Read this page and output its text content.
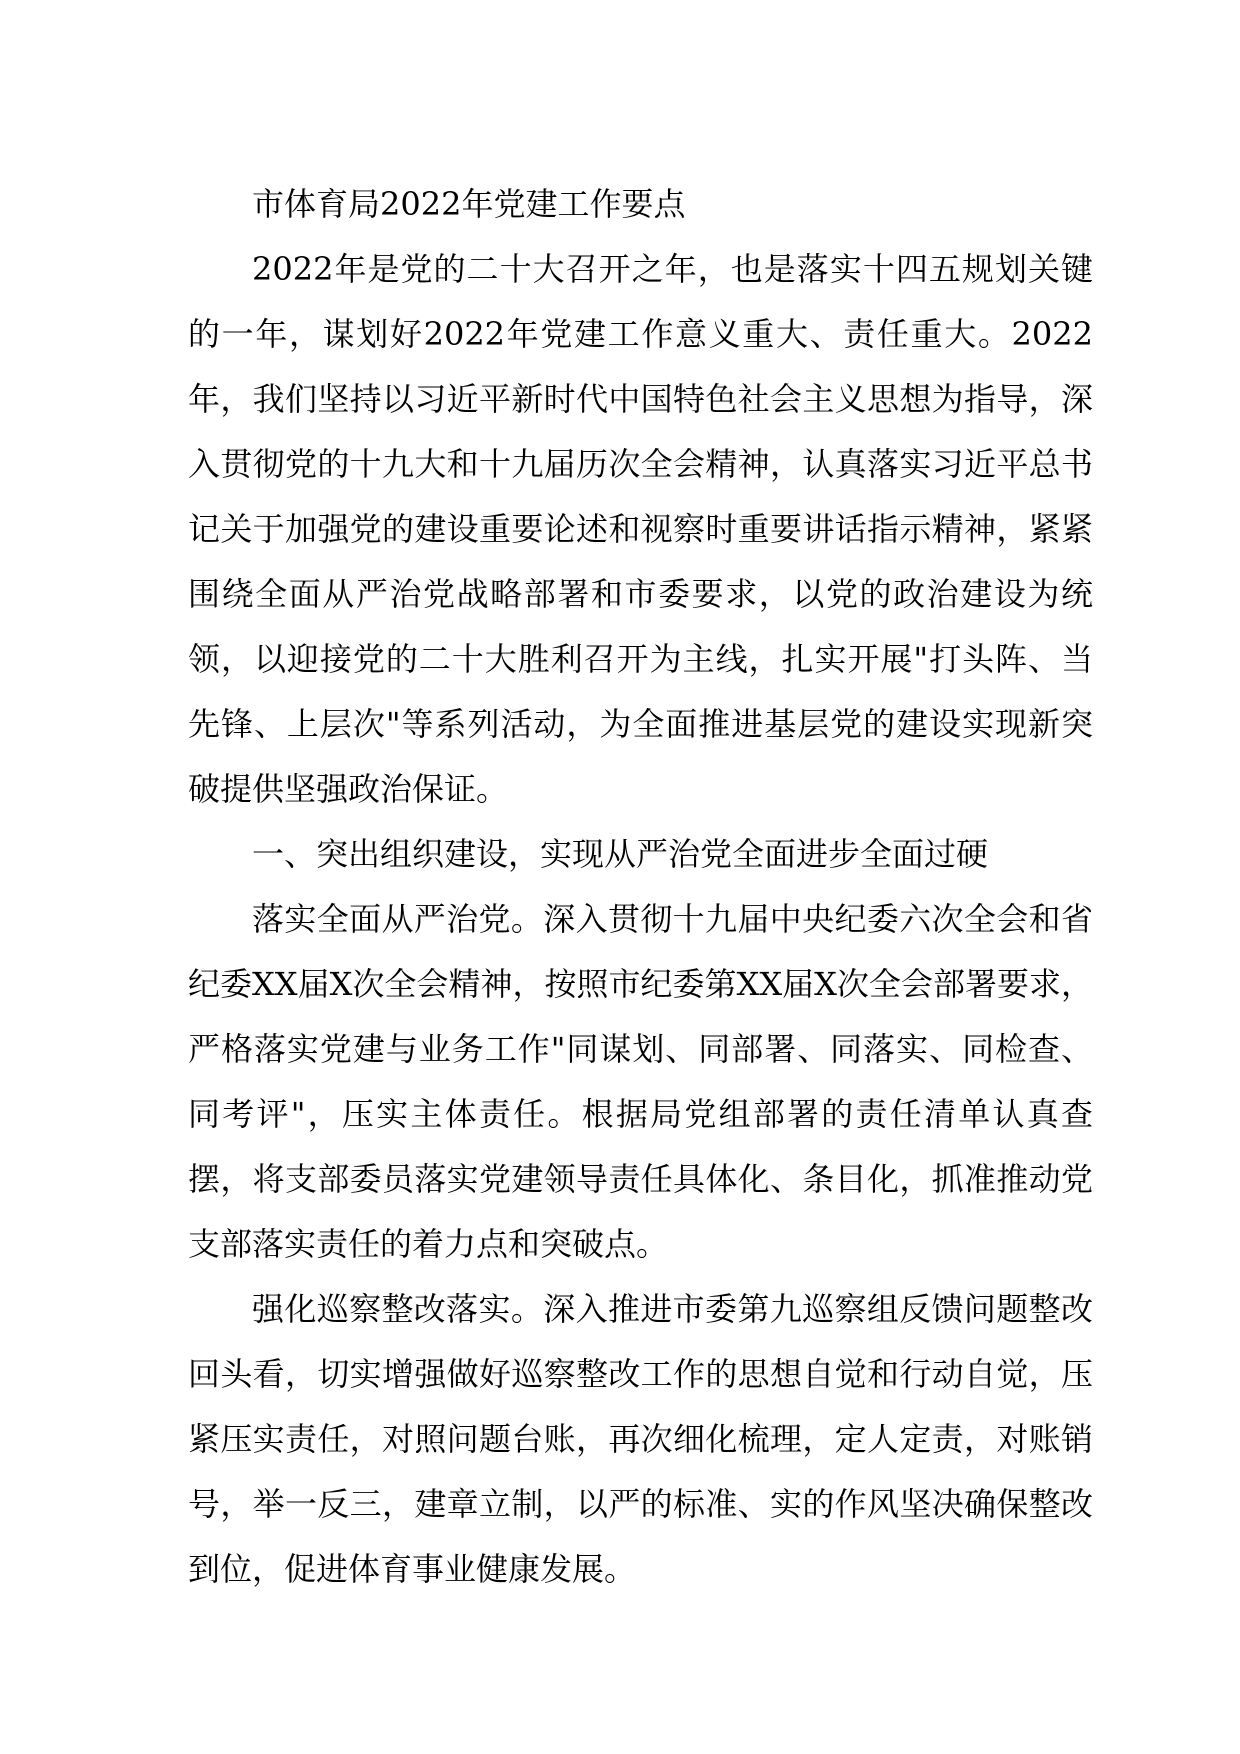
市体育局2022年党建工作要点

2022年是党的二十大召开之年，也是落实十四五规划关键的一年，谋划好2022年党建工作意义重大、责任重大。2022年，我们坚持以习近平新时代中国特色社会主义思想为指导，深入贯彻党的十九大和十九届历次全会精神，认真落实习近平总书记关于加强党的建设重要论述和视察时重要讲话指示精神，紧紧围绕全面从严治党战略部署和市委要求，以党的政治建设为统领，以迎接党的二十大胜利召开为主线，扎实开展"打头阵、当先锋、上层次"等系列活动，为全面推进基层党的建设实现新突破提供坚强政治保证。

一、突出组织建设，实现从严治党全面进步全面过硬

落实全面从严治党。深入贯彻十九届中央纪委六次全会和省纪委XX届X次全会精神，按照市纪委第XX届X次全会部署要求，严格落实党建与业务工作"同谋划、同部署、同落实、同检查、同考评"，压实主体责任。根据局党组部署的责任清单认真查摆，将支部委员落实党建领导责任具体化、条目化，抓准推动党支部落实责任的着力点和突破点。

强化巡察整改落实。深入推进市委第九巡察组反馈问题整改回头看，切实增强做好巡察整改工作的思想自觉和行动自觉，压紧压实责任，对照问题台账，再次细化梳理，定人定责，对账销号，举一反三，建章立制，以严的标准、实的作风坚决确保整改到位，促进体育事业健康发展。
